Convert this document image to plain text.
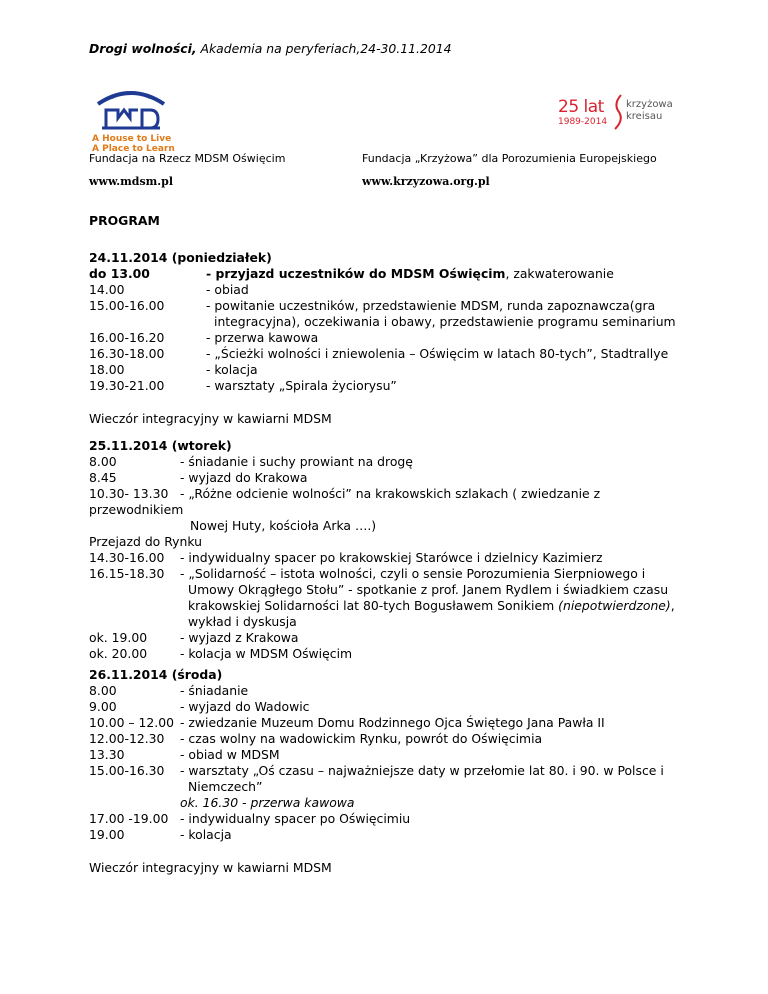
Drogi wolności, Akademia na peryferiach,24-30.11.2014
A House to Live
A Place to Learn
25 lat
1989-2014
krzyżowa
kreisau
Fundacja na Rzecz MDSM Oświęcim	Fundacja „Krzyżowa” dla Porozumienia Europejskiego
www.mdsm.pl	www.krzyzowa.org.pl
PROGRAM
24.11.2014 (poniedziałek)
do 13.00	- przyjazd uczestników do MDSM Oświęcim, zakwaterowanie
14.00	- obiad
15.00-16.00	- powitanie uczestników, przedstawienie MDSM, runda zapoznawcza(gra
integracyjna), oczekiwania i obawy, przedstawienie programu seminarium
16.00-16.20	- przerwa kawowa
16.30-18.00	- „Ścieżki wolności i zniewolenia – Oświęcim w latach 80-tych”, Stadtrallye
18.00	- kolacja
19.30-21.00	- warsztaty „Spirala życiorysu”
Wieczór integracyjny w kawiarni MDSM
25.11.2014 (wtorek)
8.00	- śniadanie i suchy prowiant na drogę
8.45	- wyjazd do Krakowa
10.30- 13.30 - „Różne odcienie wolności” na krakowskich szlakach ( zwiedzanie z
przewodnikiem
Nowej Huty, kościoła Arka ….)
Przejazd do Rynku
14.30-16.00 - indywidualny spacer po krakowskiej Starówce i dzielnicy Kazimierz
16.15-18.30 - „Solidarność – istota wolności, czyli o sensie Porozumienia Sierpniowego i
Umowy Okrągłego Stołu” - spotkanie z prof. Janem Rydlem i świadkiem czasu
krakowskiej Solidarności lat 80-tych Bogusławem Sonikiem (niepotwierdzone),
wykład i dyskusja
ok. 19.00	- wyjazd z Krakowa
ok. 20.00	- kolacja w MDSM Oświęcim
26.11.2014 (środa)
8.00	- śniadanie
9.00	- wyjazd do Wadowic
10.00 – 12.00 - zwiedzanie Muzeum Domu Rodzinnego Ojca Świętego Jana Pawła II
12.00-12.30 - czas wolny na wadowickim Rynku, powrót do Oświęcimia
13.30	- obiad w MDSM
15.00-16.30 - warsztaty „Oś czasu – najważniejsze daty w przełomie lat 80. i 90. w Polsce i
Niemczech”
ok. 16.30 - przerwa kawowa
17.00 -19.00 - indywidualny spacer po Oświęcimiu
19.00	- kolacja
Wieczór integracyjny w kawiarni MDSM
